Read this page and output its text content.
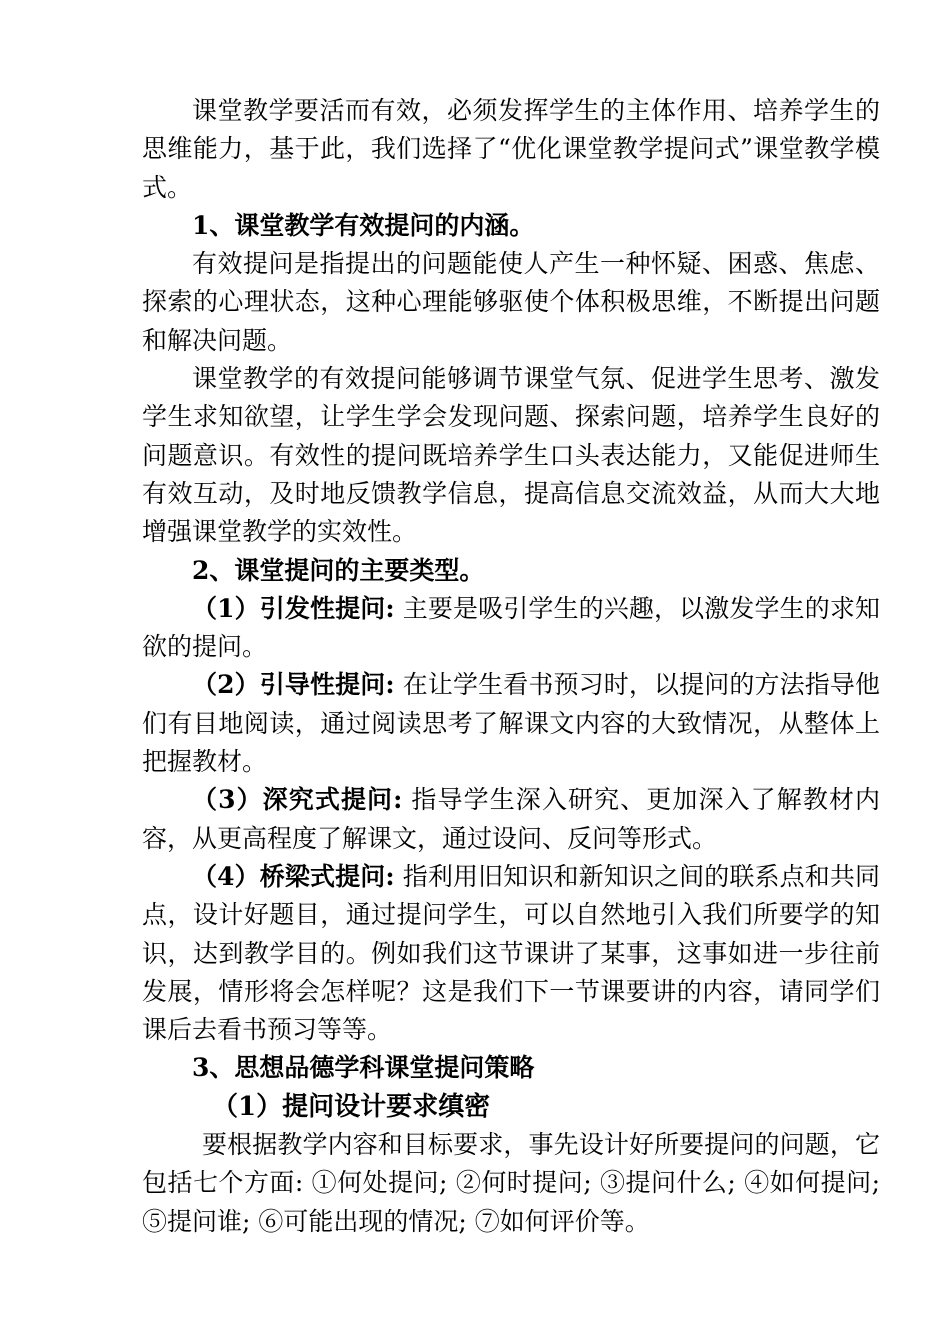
课堂教学要活而有效，必须发挥学生的主体作用、培养学生的思维能力，基于此，我们选择了“优化课堂教学提问式”课堂教学模式。

1、课堂教学有效提问的内涵。

有效提问是指提出的问题能使人产生一种怀疑、困惑、焦虑、探索的心理状态，这种心理能够驱使个体积极思维，不断提出问题和解决问题。

课堂教学的有效提问能够调节课堂气氛、促进学生思考、激发学生求知欲望，让学生学会发现问题、探索问题，培养学生良好的问题意识。有效性的提问既培养学生口头表达能力，又能促进师生有效互动，及时地反馈教学信息，提高信息交流效益，从而大大地增强课堂教学的实效性。

2、课堂提问的主要类型。

（1）引发性提问: 主要是吸引学生的兴趣，以激发学生的求知欲的提问。

（2）引导性提问: 在让学生看书预习时，以提问的方法指导他们有目地阅读，通过阅读思考了解课文内容的大致情况，从整体上把握教材。

（3）深究式提问: 指导学生深入研究、更加深入了解教材内容，从更高程度了解课文，通过设问、反问等形式。

（4）桥梁式提问: 指利用旧知识和新知识之间的联系点和共同点，设计好题目，通过提问学生，可以自然地引入我们所要学的知识，达到教学目的。例如我们这节课讲了某事，这事如进一步往前发展，情形将会怎样呢？这是我们下一节课要讲的内容，请同学们课后去看书预习等等。

3、思想品德学科课堂提问策略

（1）提问设计要求缜密

要根据教学内容和目标要求，事先设计好所要提问的问题，它包括七个方面: ①何处提问; ②何时提问; ③提问什么; ④如何提问; ⑤提问谁; ⑥可能出现的情况; ⑦如何评价等。
